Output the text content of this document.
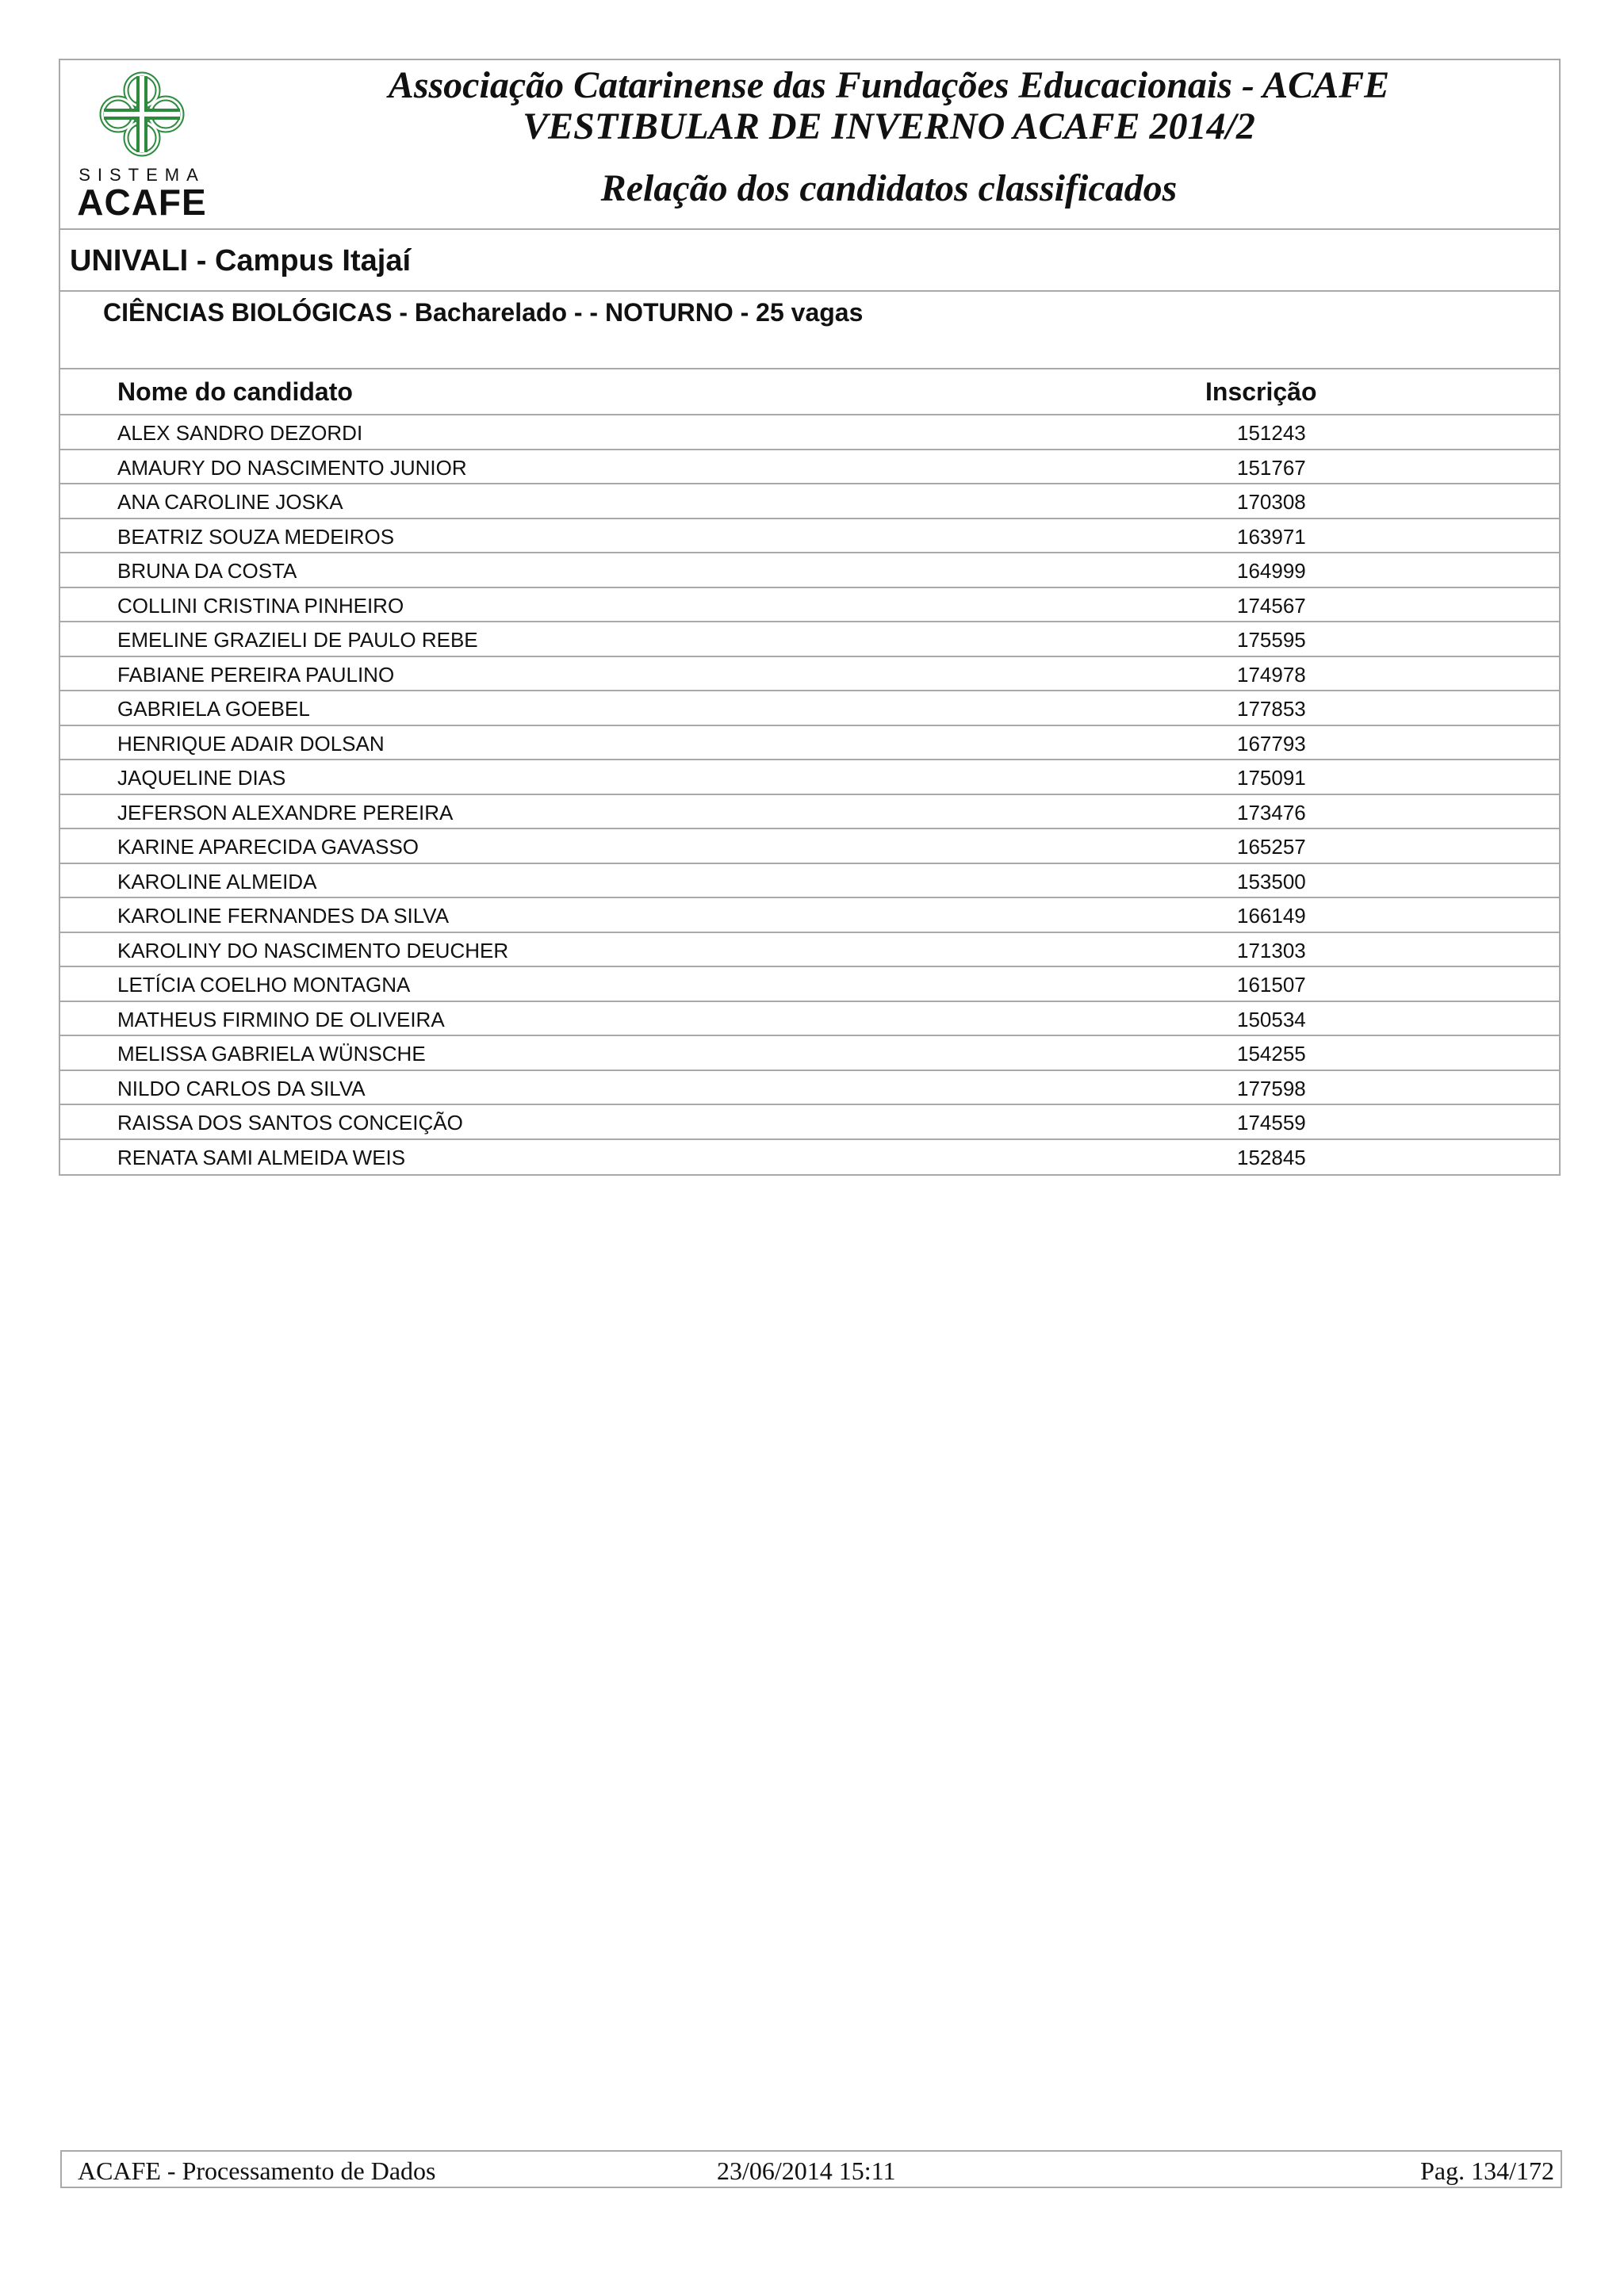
SISTEMA
ACAFE
Associação Catarinense das Fundações Educacionais - ACAFE
VESTIBULAR DE INVERNO ACAFE 2014/2
Relação dos candidatos classificados
UNIVALI - Campus Itajaí
CIÊNCIAS BIOLÓGICAS - Bacharelado - - NOTURNO - 25 vagas
Nome do candidato	Inscrição
ALEX SANDRO DEZORDI	151243
AMAURY DO NASCIMENTO JUNIOR	151767
ANA CAROLINE JOSKA	170308
BEATRIZ SOUZA MEDEIROS	163971
BRUNA DA COSTA	164999
COLLINI CRISTINA PINHEIRO	174567
EMELINE GRAZIELI DE PAULO REBE	175595
FABIANE PEREIRA PAULINO	174978
GABRIELA GOEBEL	177853
HENRIQUE ADAIR DOLSAN	167793
JAQUELINE DIAS	175091
JEFERSON ALEXANDRE PEREIRA	173476
KARINE APARECIDA GAVASSO	165257
KAROLINE ALMEIDA	153500
KAROLINE FERNANDES DA SILVA	166149
KAROLINY DO NASCIMENTO DEUCHER	171303
LETÍCIA COELHO MONTAGNA	161507
MATHEUS FIRMINO DE OLIVEIRA	150534
MELISSA GABRIELA WÜNSCHE	154255
NILDO CARLOS DA SILVA	177598
RAISSA DOS SANTOS CONCEIÇÃO	174559
RENATA SAMI ALMEIDA WEIS	152845
ACAFE - Processamento de Dados	23/06/2014 15:11	Pag. 134/172
